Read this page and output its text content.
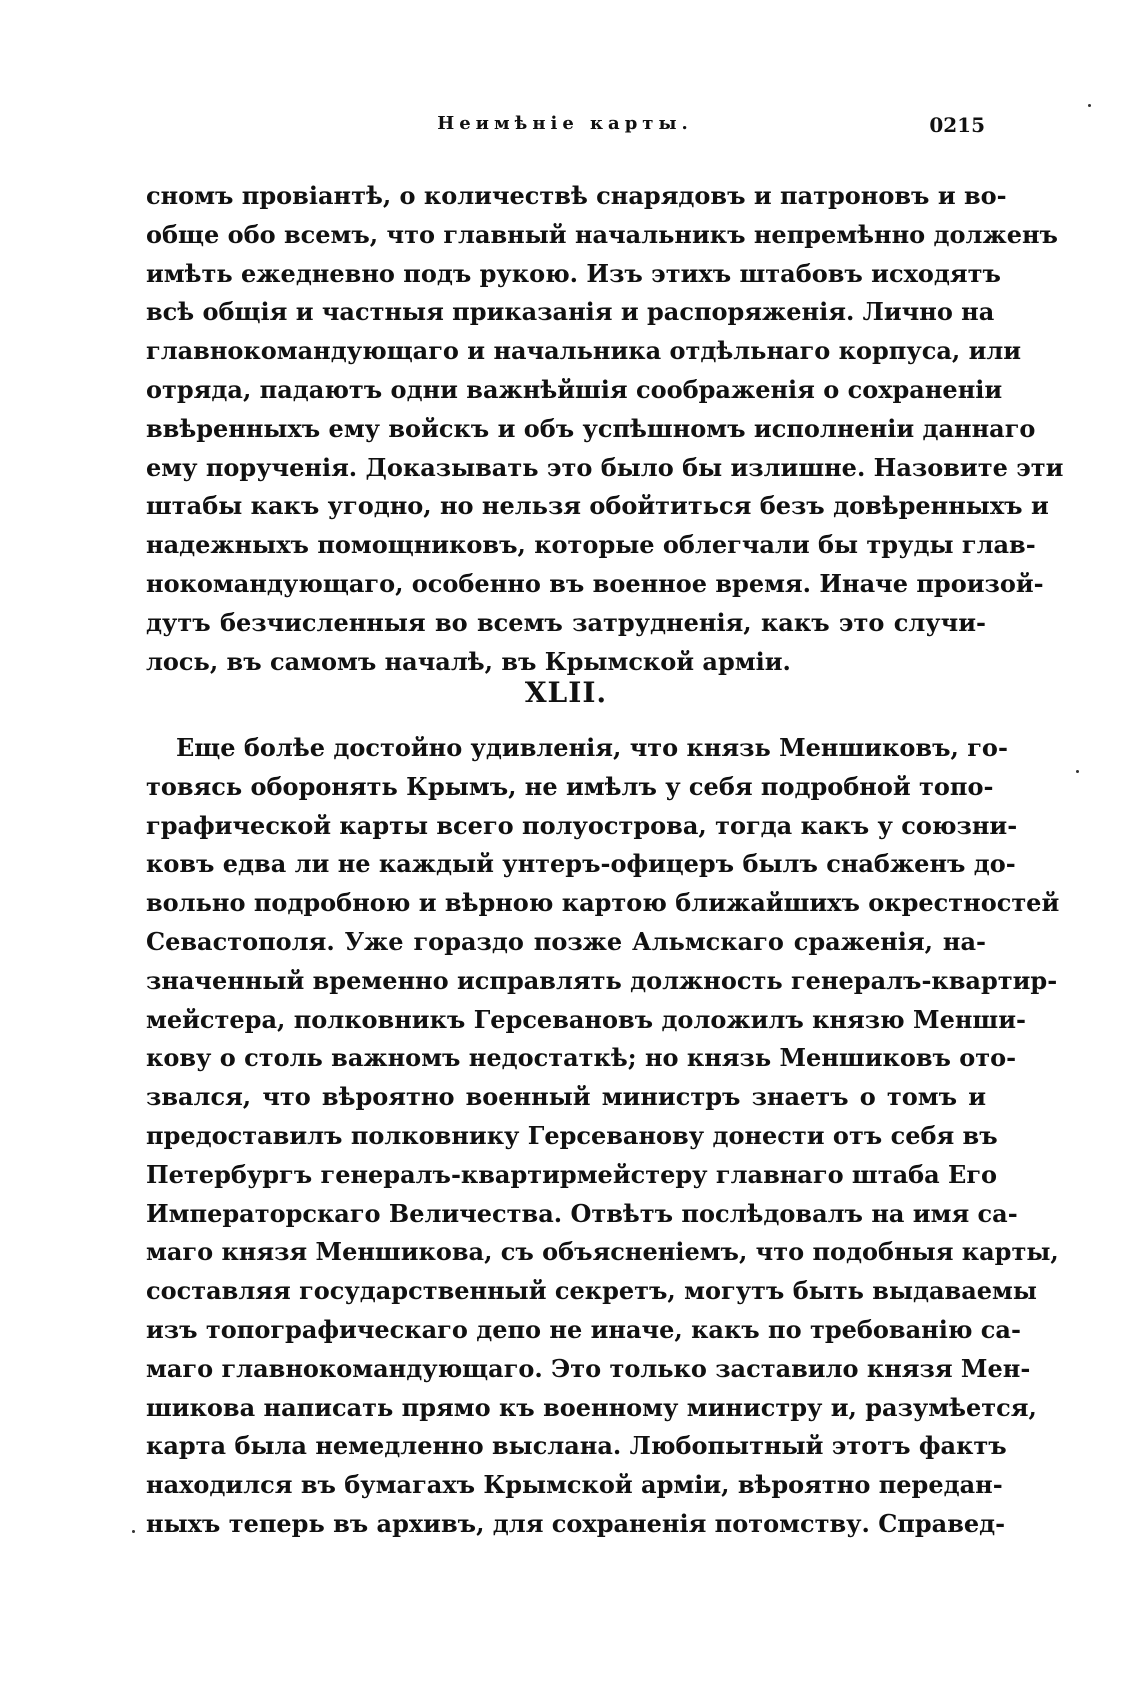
Неимѣніе карты.	0215
сномъ провіантѣ, о количествѣ снарядовъ и патроновъ и во-
обще обо всемъ, что главный начальникъ непремѣнно долженъ
имѣть ежедневно подъ рукою. Изъ этихъ штабовъ исходятъ
всѣ общія и частныя приказанія и распоряженія. Лично на
главнокомандующаго и начальника отдѣльнаго корпуса, или
отряда, падаютъ одни важнѣйшія соображенія о сохраненіи
ввѣренныхъ ему войскъ и объ успѣшномъ исполненіи даннаго
ему порученія. Доказывать это было бы излишне. Назовите эти
штабы какъ угодно, но нельзя обойтиться безъ довѣренныхъ и
надежныхъ помощниковъ, которые облегчали бы труды глав-
нокомандующаго, особенно въ военное время. Иначе произой-
дутъ безчисленныя во всемъ затрудненія, какъ это случи-
лось, въ самомъ началѣ, въ Крымской арміи.
XLII.
Еще болѣе достойно удивленія, что князь Меншиковъ, го-
товясь оборонять Крымъ, не имѣлъ у себя подробной топо-
графической карты всего полуострова, тогда какъ у союзни-
ковъ едва ли не каждый унтеръ-офицеръ былъ снабженъ до-
вольно подробною и вѣрною картою ближайшихъ окрестностей
Севастополя. Уже гораздо позже Альмскаго сраженія, на-
значенный временно исправлять должность генералъ-квартир-
мейстера, полковникъ Герсевановъ доложилъ князю Менши-
кову о столь важномъ недостаткѣ; но князь Меншиковъ ото-
звался, что вѣроятно военный министръ знаетъ о томъ и
предоставилъ полковнику Герсеванову донести отъ себя въ
Петербургъ генералъ-квартирмейстеру главнаго штаба Его
Императорскаго Величества. Отвѣтъ послѣдовалъ на имя са-
маго князя Меншикова, съ объясненіемъ, что подобныя карты,
составляя государственный секретъ, могутъ быть выдаваемы
изъ топографическаго депо не иначе, какъ по требованію са-
маго главнокомандующаго. Это только заставило князя Мен-
шикова написать прямо къ военному министру и, разумѣется,
карта была немедленно выслана. Любопытный этотъ фактъ
находился въ бумагахъ Крымской арміи, вѣроятно передан-
ныхъ теперь въ архивъ, для сохраненія потомству. Справед-
